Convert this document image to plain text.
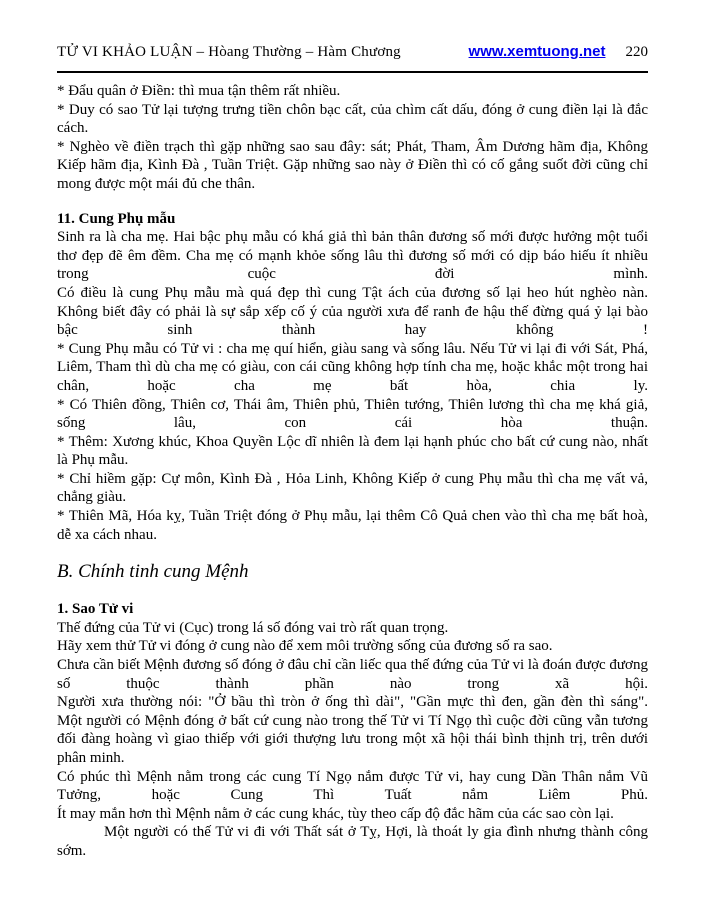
TỬ VI KHẢO LUẬN – Hòang Thường – Hàm Chương	www.xemtuong.net 220
* Đẩu quân ở Điền: thì mua tận thêm rất nhiều.
* Duy có sao Tử lại tượng trưng tiền chôn bạc cất, của chìm cất dấu, đóng ở cung điền lại là đắc
cách.
* Nghèo về điền trạch thì gặp những sao sau đây: sát; Phát, Tham, Âm Dương hãm địa, Không
Kiếp hãm địa, Kình Đà , Tuần Triệt. Gặp những sao này ở Điền thì có cố gắng suốt đời cũng chỉ
mong được một mái đủ che thân.
11. Cung Phụ mẫu
Sinh ra là cha mẹ. Hai bậc phụ mẫu có khá giả thì bản thân đương số mới được hưởng một tuổi
thơ đẹp đẽ êm đềm. Cha mẹ có mạnh khỏe sống lâu thì đương số mới có dịp báo hiếu ít nhiều
trong cuộc đời mình.
Có điều là cung Phụ mẫu mà quá đẹp thì cung Tật ách của đương số lại heo hút nghèo nàn.
Không biết đây có phải là sự sắp xếp cố ý của người xưa để ranh đe hậu thế đừng quá ỷ lại bào
bậc sinh thành hay không !
* Cung Phụ mẫu có Tử vi : cha mẹ quí hiển, giàu sang và sống lâu. Nếu Tử vi lại đi với Sát, Phá,
Liêm, Tham thì dù cha mẹ có giàu, con cái cũng không hợp tính cha mẹ, hoặc khắc một trong hai
chân, hoặc cha mẹ bất hòa, chia ly.
* Có Thiên đồng, Thiên cơ, Thái âm, Thiên phủ, Thiên tướng, Thiên lương thì cha mẹ khá giả,
sống lâu, con cái hòa thuận.
* Thêm: Xương khúc, Khoa Quyền Lộc dĩ nhiên là đem lại hạnh phúc cho bất cứ cung nào, nhất
là Phụ mẫu.
* Chỉ hiềm gặp: Cự môn, Kình Đà , Hỏa Linh, Không Kiếp ở cung Phụ mẫu thì cha mẹ vất vả,
chẳng giàu.
* Thiên Mã, Hóa kỵ, Tuần Triệt đóng ở Phụ mẫu, lại thêm Cô Quả chen vào thì cha mẹ bất hoà,
dễ xa cách nhau.
B. Chính tinh cung Mệnh
1. Sao Tử vi
Thế đứng của Tử vi (Cục) trong lá số đóng vai trò rất quan trọng.
Hãy xem thử Tử vi đóng ở cung nào để xem môi trường sống của đương số ra sao.
Chưa cần biết Mệnh đương số đóng ở đâu chỉ cần liếc qua thế đứng của Tử vi là đoán được đương
số thuộc thành phần nào trong xã hội.
Người xưa thường nói: "Ở bầu thì tròn ở ống thì dài", "Gần mực thì đen, gần đèn thì sáng".
Một người có Mệnh đóng ở bất cứ cung nào trong thế Tử vi Tí Ngọ thì cuộc đời cũng vẫn tương
đối đàng hoàng vì giao thiếp với giới thượng lưu trong một xã hội thái bình thịnh trị, trên dưới
phân minh.
Có phúc thì Mệnh nằm trong các cung Tí Ngọ nắm được Tử vi, hay cung Dần Thân nắm Vũ
Tưởng, hoặc Cung Thì Tuất nắm Liêm Phủ.
Ít may mắn hơn thì Mệnh nằm ở các cung khác, tùy theo cấp độ đắc hãm của các sao còn lại.
Một người có thế Tử vi đi với Thất sát ở Tỵ, Hợi, là thoát ly gia đình nhưng thành công
sớm.
